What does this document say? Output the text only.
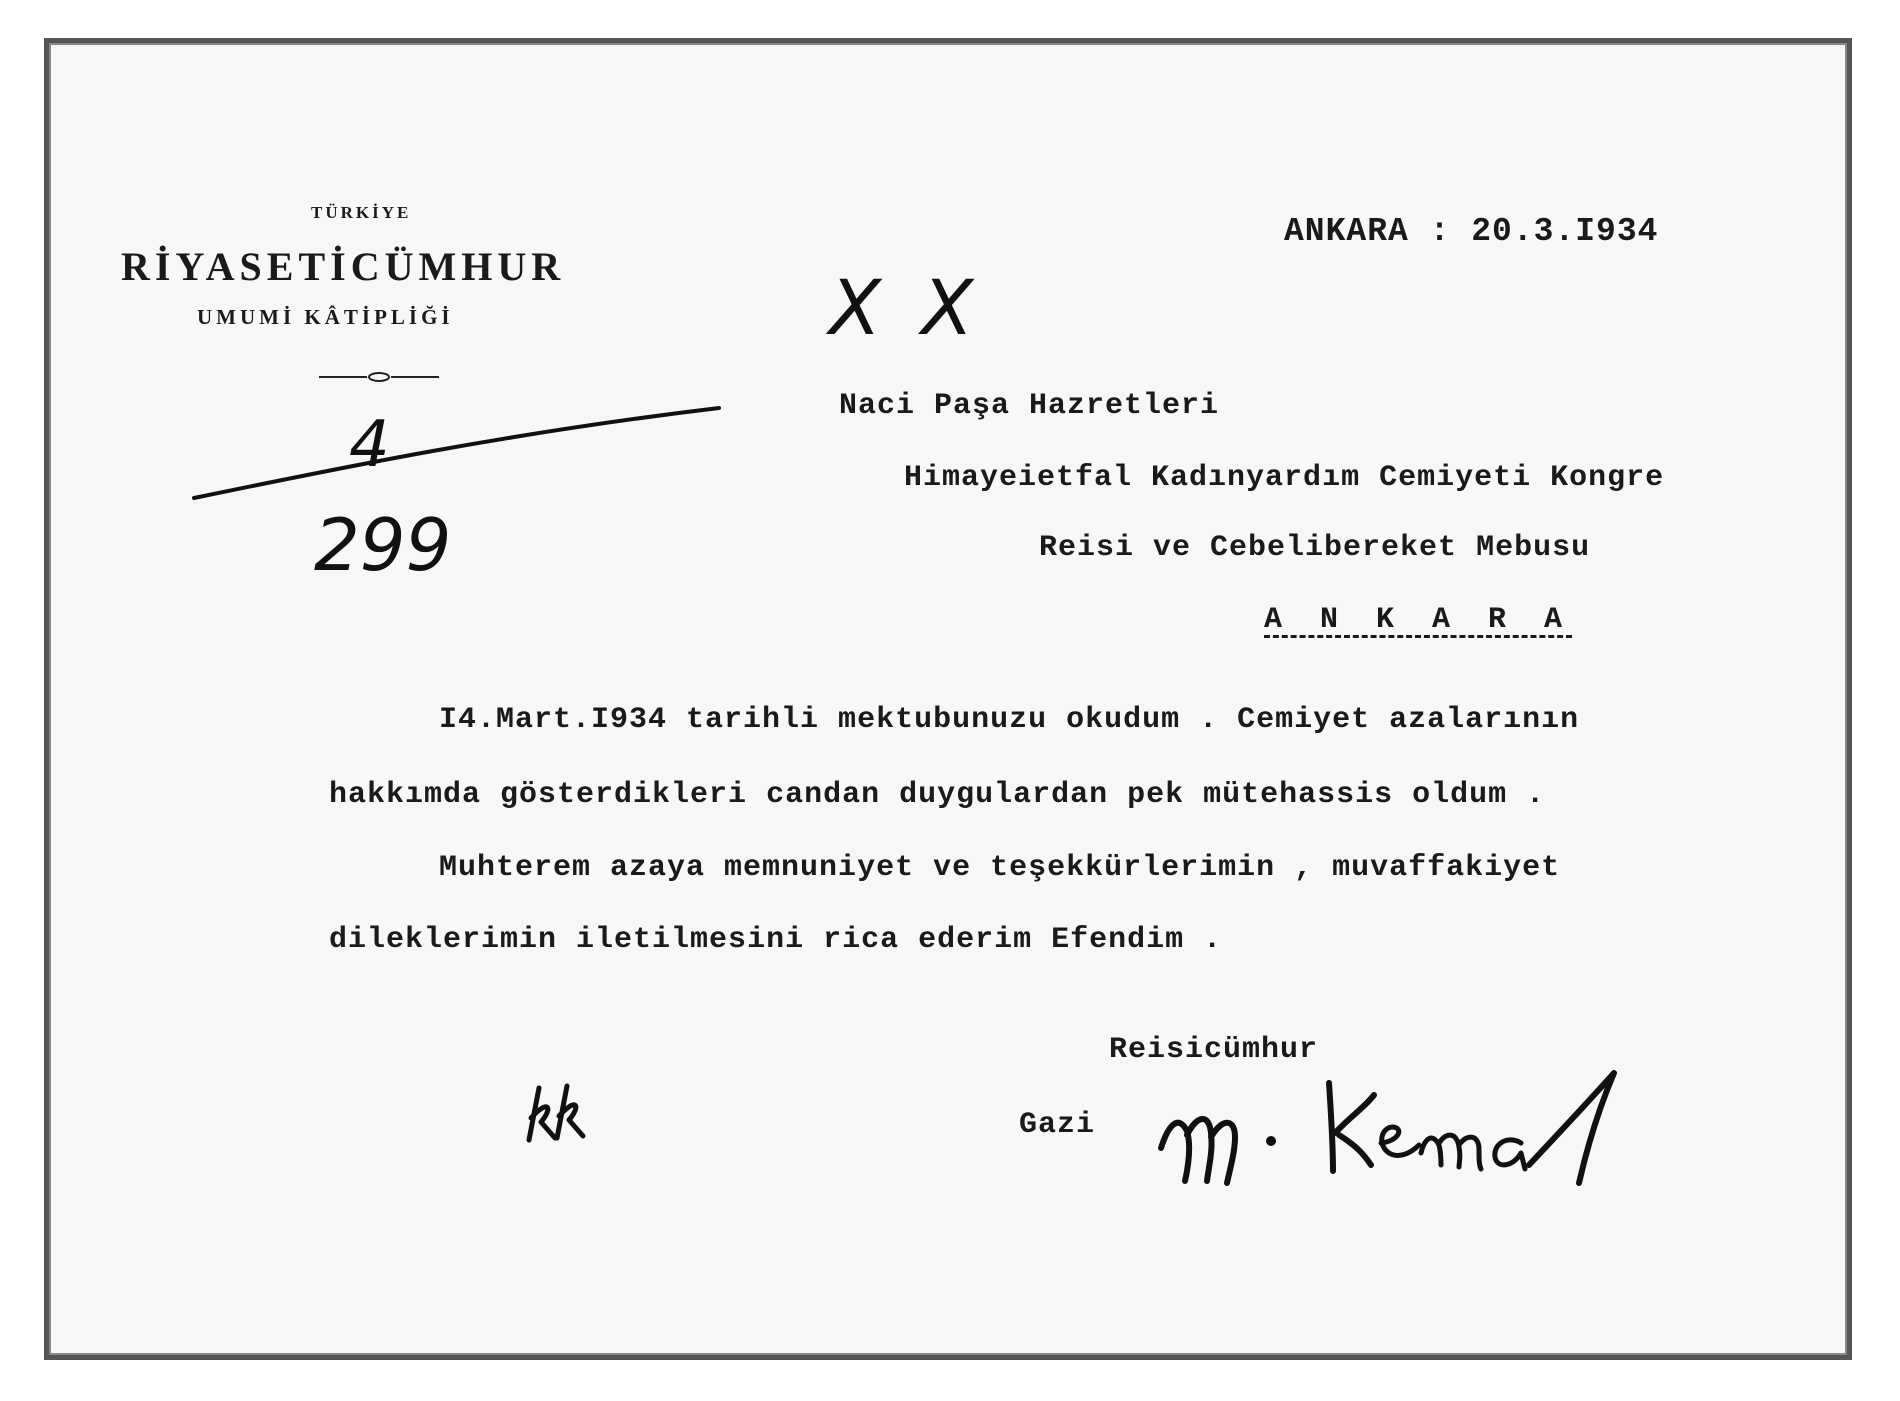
TÜRKİYE
RİYASETİCÜMHUR
UMUMİ KÂTİPLİĞİ	X X
4
299
ANKARA : 20.3.I934
Naci Paşa Hazretleri
Himayeietfal Kadınyardım Cemiyeti Kongre
Reisi ve Cebelibereket Mebusu
A N K A R A
I4.Mart.I934 tarihli mektubunuzu okudum . Cemiyet azalarının
hakkımda gösterdikleri candan duygulardan pek mütehassis oldum .
Muhterem azaya memnuniyet ve teşekkürlerimin , muvaffakiyet
dileklerimin iletilmesini rica ederim Efendim .
Reisicümhur
Gazi
